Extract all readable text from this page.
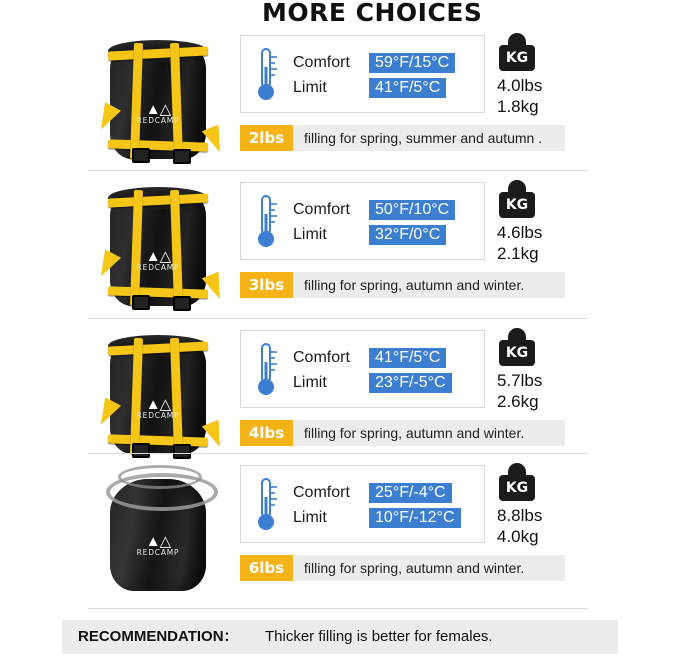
MORE CHOICES
▲△
REDCAMP
Comfort	59°F/15°C
Limit	41°F/5°C
KG
4.0lbs
1.8kg
2lbs	filling for spring, summer and autumn .
▲△
REDCAMP
Comfort	50°F/10°C
Limit	32°F/0°C
KG
4.6lbs
2.1kg
3lbs	filling for spring, autumn and winter.
▲△
REDCAMP
Comfort	41°F/5°C
Limit	23°F/-5°C
KG
5.7lbs
2.6kg
4lbs	filling for spring, autumn and winter.
▲△
REDCAMP
Comfort	25°F/-4°C
Limit	10°F/-12°C
KG
8.8lbs
4.0kg
6lbs	filling for spring, autumn and winter.
RECOMMENDATION： Thicker filling is better for females.
